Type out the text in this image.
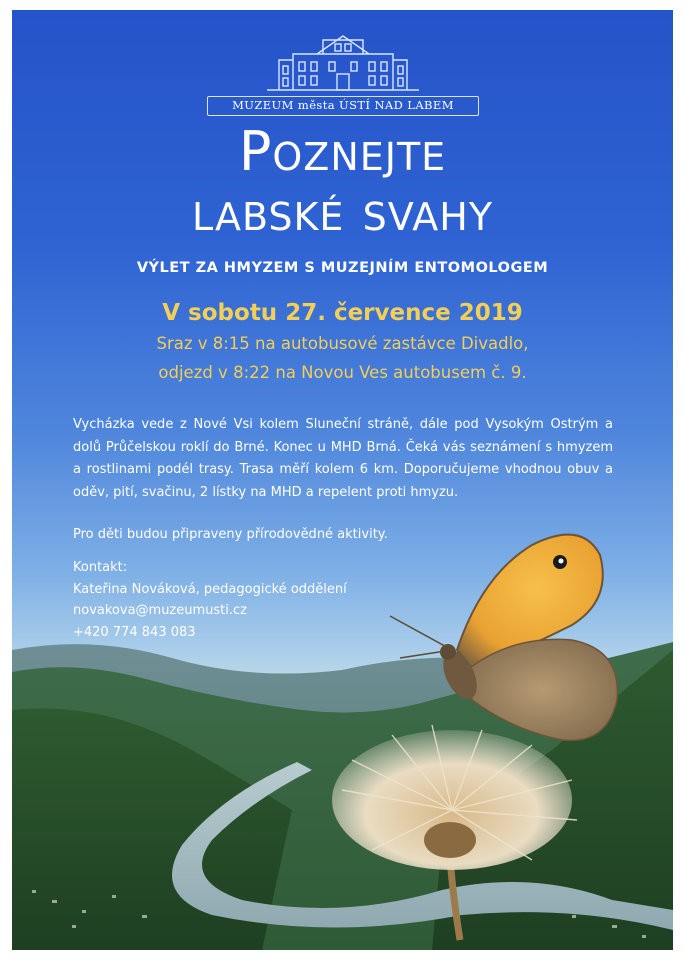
MUZEUM města ÚSTÍ NAD LABEM
Poznejte
labské svahy
VÝLET ZA HMYZEM S MUZEJNÍM ENTOMOLOGEM
V sobotu 27. července 2019
Sraz v 8:15 na autobusové zastávce Divadlo,
odjezd v 8:22 na Novou Ves autobusem č. 9.
Vycházka vede z Nové Vsi kolem Sluneční stráně, dále pod Vysokým Ostrým a dolů Průčelskou roklí do Brné. Konec u MHD Brná. Čeká vás seznámení s hmyzem a rostlinami podél trasy. Trasa měří kolem 6 km. Doporučujeme vhodnou obuv a oděv, pití, svačinu, 2 lístky na MHD a repelent proti hmyzu.
Pro děti budou připraveny přírodovědné aktivity.
Kontakt:
Kateřina Nováková, pedagogické oddělení
novakova@muzeumusti.cz
+420 774 843 083
